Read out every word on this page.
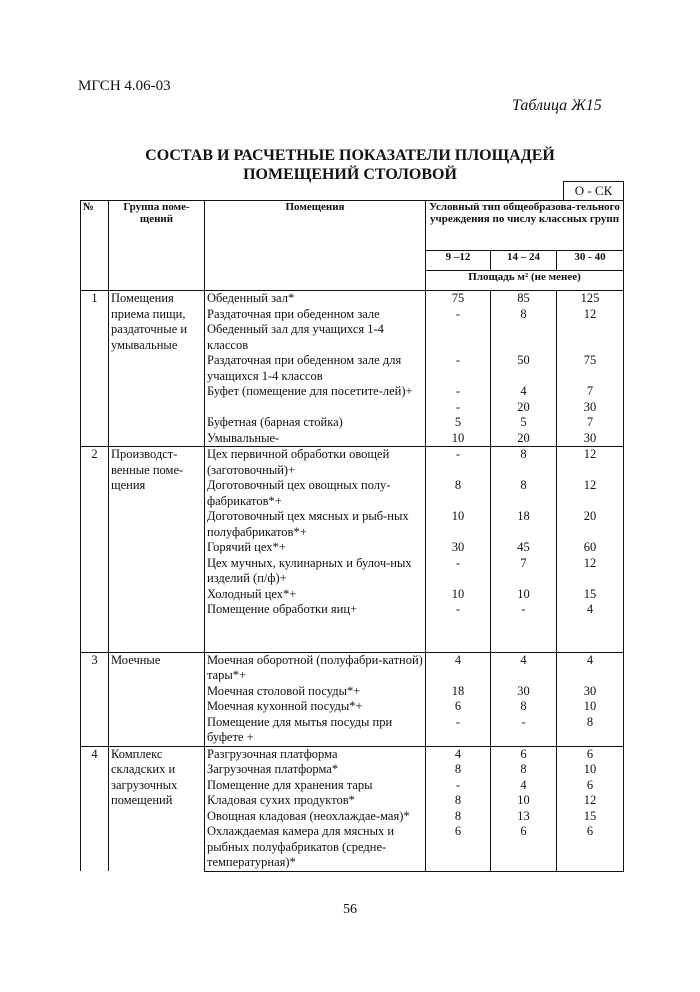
МГСН 4.06-03
Таблица Ж15
СОСТАВ И РАСЧЕТНЫЕ ПОКАЗАТЕЛИ ПЛОЩАДЕЙ
ПОМЕЩЕНИЙ СТОЛОВОЙ
О - СК
№	Группа поме-щений	Помещения	Условный тип общеобразова-тельного учреждения по числу классных групп		
			9 –12	14 – 24	30 - 40
			Площадь м² (не менее)		
1	Помещения приема пищи, раздаточные и умывальные	Обеденный зал*	75	85	125
		Раздаточная при обеденном зале	-	8	12
		Обеденный зал для учащихся 1-4 классов			
		Раздаточная при обеденном зале для учащихся 1-4 классов	-	50	75
		Буфет (помещение для посетите-лей)+	-	4	7
			-	20	30
		Буфетная (барная стойка)	5	5	7
		Умывальные-	10	20	30
2	Производст-венные поме-щения	Цех первичной обработки овощей (заготовочный)+	-	8	12
		Доготовочный цех овощных полу-фабрикатов*+	8	8	12
		Доготовочный цех мясных и рыб-ных полуфабрикатов*+	10	18	20
		Горячий цех*+	30	45	60
		Цех мучных, кулинарных и булоч-ных изделий (п/ф)+	-	7	12
		Холодный цех*+	10	10	15
		Помещение обработки яиц+	-	-	4

3	Моечные	Моечная оборотной (полуфабри-катной) тары*+	4	4	4
		Моечная столовой посуды*+	18	30	30
		Моечная кухонной посуды*+	6	8	10
		Помещение для мытья посуды при буфете +	-	-	8
4	Комплекс складских и загрузочных помещений	Разгрузочная платформа	4	6	6
		Загрузочная платформа*	8	8	10
		Помещение для хранения тары	-	4	6
		Кладовая сухих продуктов*	8	10	12
		Овощная кладовая (неохлаждае-мая)*	8	13	15
		Охлаждаемая камера для мясных и рыбных полуфабрикатов (средне-температурная)*	6	6	6
56
